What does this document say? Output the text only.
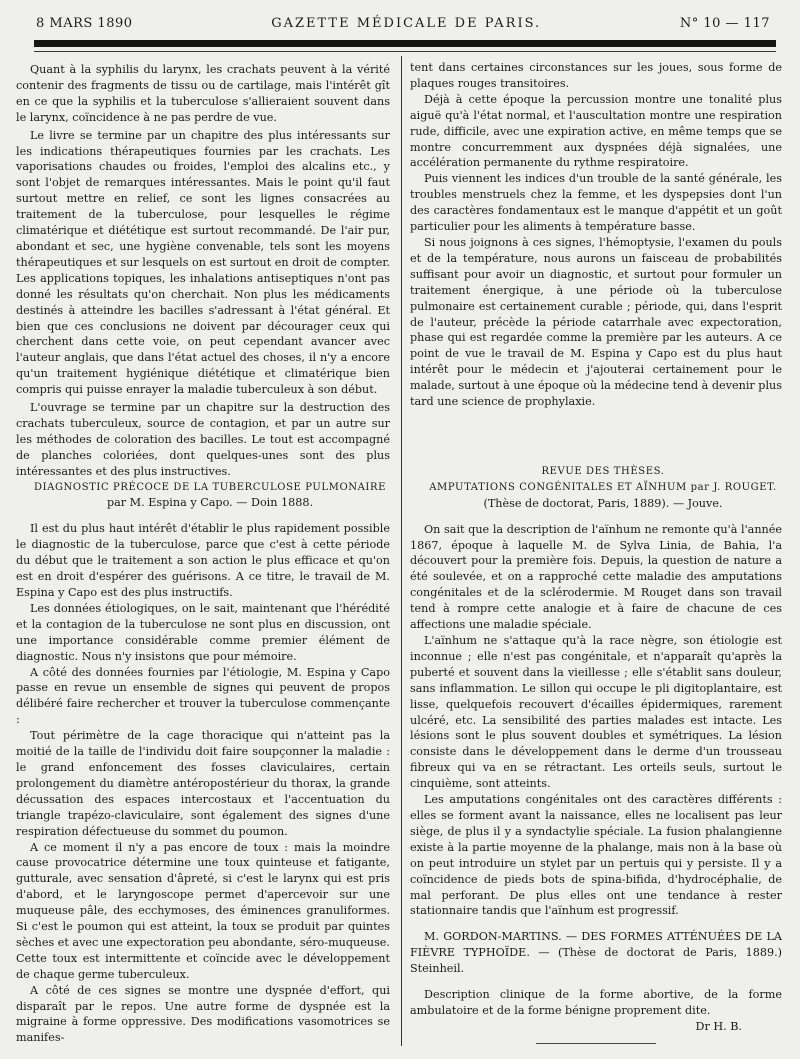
8 MARS 1890	GAZETTE MÉDICALE DE PARIS.	N° 10 — 117

Quant à la syphilis du larynx, les crachats peuvent à la vérité contenir des fragments de tissu ou de cartilage, mais l'intérêt gît en ce que la syphilis et la tuberculose s'allieraient souvent dans le larynx, coïncidence à ne pas perdre de vue.

Le livre se termine par un chapitre des plus intéressants sur les indications thérapeutiques fournies par les crachats. Les vaporisations chaudes ou froides, l'emploi des alcalins etc., y sont l'objet de remarques intéressantes. Mais le point qu'il faut surtout mettre en relief, ce sont les lignes consacrées au traitement de la tuberculose, pour lesquelles le régime climatérique et diététique est surtout recommandé. De l'air pur, abondant et sec, une hygiène convenable, tels sont les moyens thérapeutiques et sur lesquels on est surtout en droit de compter. Les applications topiques, les inhalations antiseptiques n'ont pas donné les résultats qu'on cherchait. Non plus les médicaments destinés à atteindre les bacilles s'adressant à l'état général. Et bien que ces conclusions ne doivent par décourager ceux qui cherchent dans cette voie, on peut cependant avancer avec l'auteur anglais, que dans l'état actuel des choses, il n'y a encore qu'un traitement hygiénique diététique et climatérique bien compris qui puisse enrayer la maladie tuberculeux à son début.

L'ouvrage se termine par un chapitre sur la destruction des crachats tuberculeux, source de contagion, et par un autre sur les méthodes de coloration des bacilles. Le tout est accompagné de planches coloriées, dont quelques-unes sont des plus intéressantes et des plus instructives.

DIAGNOSTIC PRÉCOCE DE LA TUBERCULOSE PULMONAIRE

par M. Espina y Capo. — Doin 1888.

Il est du plus haut intérêt d'établir le plus rapidement possible le diagnostic de la tuberculose, parce que c'est à cette période du début que le traitement a son action le plus efficace et qu'on est en droit d'espérer des guérisons. A ce titre, le travail de M. Espina y Capo est des plus instructifs.

Les données étiologiques, on le sait, maintenant que l'hérédité et la contagion de la tuberculose ne sont plus en discussion, ont une importance considérable comme premier élément de diagnostic. Nous n'y insistons que pour mémoire.

A côté des données fournies par l'étiologie, M. Espina y Capo passe en revue un ensemble de signes qui peuvent de propos délibéré faire rechercher et trouver la tuberculose commençante :

Tout périmètre de la cage thoracique qui n'atteint pas la moitié de la taille de l'individu doit faire soupçonner la maladie : le grand enfoncement des fosses claviculaires, certain prolongement du diamètre antéropostérieur du thorax, la grande décussation des espaces intercostaux et l'accentuation du triangle trapézo-claviculaire, sont également des signes d'une respiration défectueuse du sommet du poumon.

A ce moment il n'y a pas encore de toux : mais la moindre cause provocatrice détermine une toux quinteuse et fatigante, gutturale, avec sensation d'âpreté, si c'est le larynx qui est pris d'abord, et le laryngoscope permet d'apercevoir sur une muqueuse pâle, des ecchymoses, des éminences granuliformes. Si c'est le poumon qui est atteint, la toux se produit par quintes sèches et avec une expectoration peu abondante, séro-muqueuse. Cette toux est intermittente et coïncide avec le développement de chaque germe tuberculeux.

A côté de ces signes se montre une dyspnée d'effort, qui disparaît par le repos. Une autre forme de dyspnée est la migraine à forme oppressive. Des modifications vasomotrices se manifes-

tent dans certaines circonstances sur les joues, sous forme de plaques rouges transitoires.

Déjà à cette époque la percussion montre une tonalité plus aiguë qu'à l'état normal, et l'auscultation montre une respiration rude, difficile, avec une expiration active, en même temps que se montre concurremment aux dyspnées déjà signalées, une accélération permanente du rythme respiratoire.

Puis viennent les indices d'un trouble de la santé générale, les troubles menstruels chez la femme, et les dyspepsies dont l'un des caractères fondamentaux est le manque d'appétit et un goût particulier pour les aliments à température basse.

Si nous joignons à ces signes, l'hémoptysie, l'examen du pouls et de la température, nous aurons un faisceau de probabilités suffisant pour avoir un diagnostic, et surtout pour formuler un traitement énergique, à une période où la tuberculose pulmonaire est certainement curable ; période, qui, dans l'esprit de l'auteur, précède la période catarrhale avec expectoration, phase qui est regardée comme la première par les auteurs. A ce point de vue le travail de M. Espina y Capo est du plus haut intérêt pour le médecin et j'ajouterai certainement pour le malade, surtout à une époque où la médecine tend à devenir plus tard une science de prophylaxie.

REVUE DES THÈSES.

AMPUTATIONS CONGÉNITALES ET AÏNHUM par J. ROUGET.

(Thèse de doctorat, Paris, 1889). — Jouve.

On sait que la description de l'aïnhum ne remonte qu'à l'année 1867, époque à laquelle M. de Sylva Linia, de Bahia, l'a découvert pour la première fois. Depuis, la question de nature a été soulevée, et on a rapproché cette maladie des amputations congénitales et de la sclérodermie. M Rouget dans son travail tend à rompre cette analogie et à faire de chacune de ces affections une maladie spéciale.

L'aïnhum ne s'attaque qu'à la race nègre, son étiologie est inconnue ; elle n'est pas congénitale, et n'apparaît qu'après la puberté et souvent dans la vieillesse ; elle s'établit sans douleur, sans inflammation. Le sillon qui occupe le pli digitoplantaire, est lisse, quelquefois recouvert d'écailles épidermiques, rarement ulcéré, etc. La sensibilité des parties malades est intacte. Les lésions sont le plus souvent doubles et symétriques. La lésion consiste dans le développement dans le derme d'un trousseau fibreux qui va en se rétractant. Les orteils seuls, surtout le cinquième, sont atteints.

Les amputations congénitales ont des caractères différents : elles se forment avant la naissance, elles ne localisent pas leur siège, de plus il y a syndactylie spéciale. La fusion phalangienne existe à la partie moyenne de la phalange, mais non à la base où on peut introduire un stylet par un pertuis qui y persiste. Il y a coïncidence de pieds bots de spina-bifida, d'hydrocéphalie, de mal perforant. De plus elles ont une tendance à rester stationnaire tandis que l'aïnhum est progressif.

M. GORDON-MARTINS. — DES FORMES ATTÉNUÉES DE LA FIÈVRE TYPHOÏDE. — (Thèse de doctorat de Paris, 1889.) Steinheil.

Description clinique de la forme abortive, de la forme ambulatoire et de la forme bénigne proprement dite.

Dr H. B.
